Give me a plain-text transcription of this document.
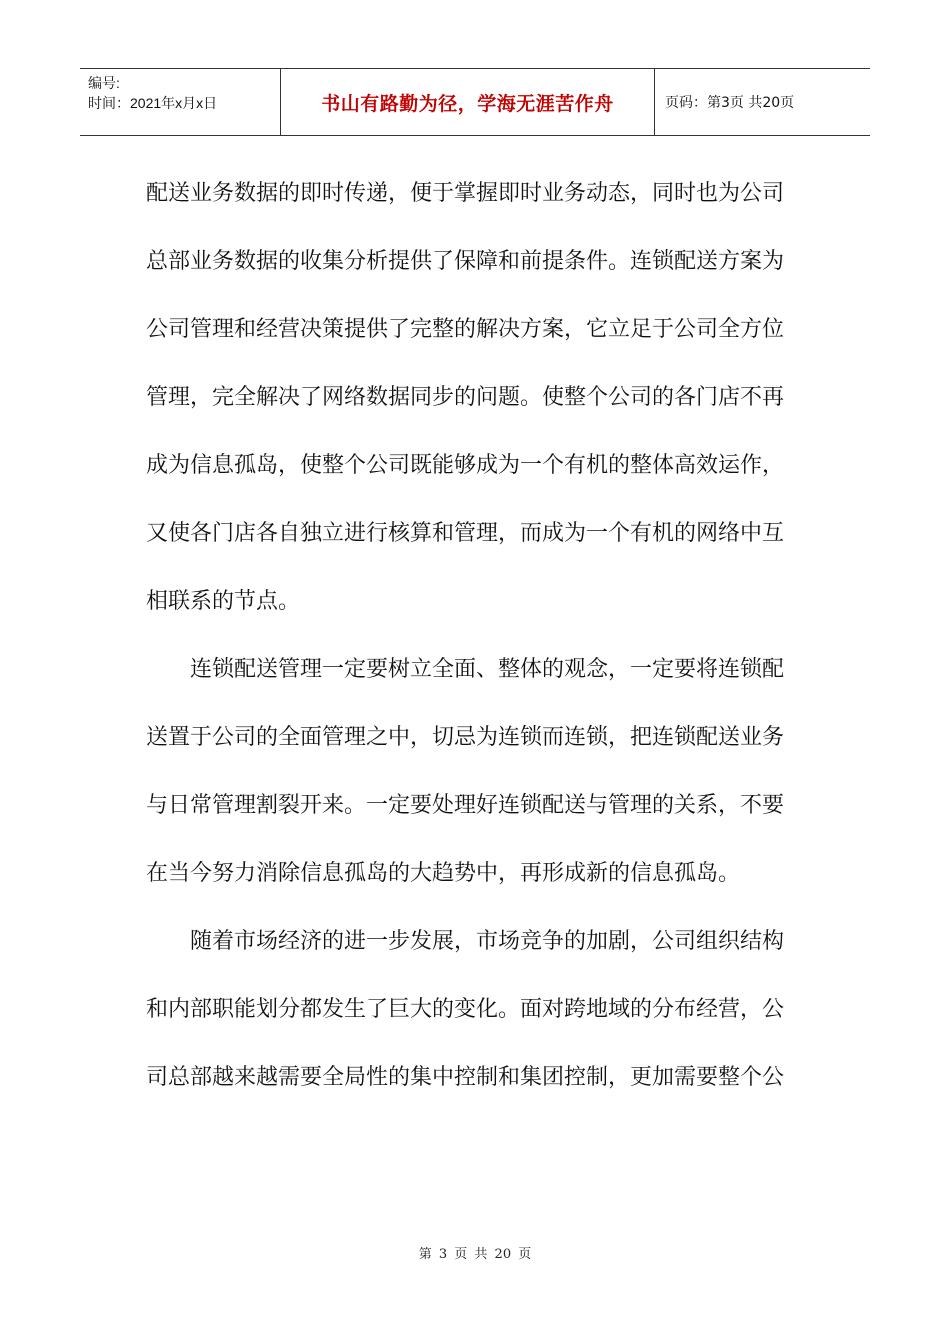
编号:
时间：2021年x月x日	书山有路勤为径，学海无涯苦作舟	页码：第3页 共20页
配送业务数据的即时传递，便于掌握即时业务动态，同时也为公司
总部业务数据的收集分析提供了保障和前提条件。连锁配送方案为
公司管理和经营决策提供了完整的解决方案，它立足于公司全方位
管理，完全解决了网络数据同步的问题。使整个公司的各门店不再
成为信息孤岛，使整个公司既能够成为一个有机的整体高效运作，
又使各门店各自独立进行核算和管理，而成为一个有机的网络中互
相联系的节点。
连锁配送管理一定要树立全面、整体的观念，一定要将连锁配
送置于公司的全面管理之中，切忌为连锁而连锁，把连锁配送业务
与日常管理割裂开来。一定要处理好连锁配送与管理的关系，不要
在当今努力消除信息孤岛的大趋势中，再形成新的信息孤岛。
随着市场经济的进一步发展，市场竞争的加剧，公司组织结构
和内部职能划分都发生了巨大的变化。面对跨地域的分布经营，公
司总部越来越需要全局性的集中控制和集团控制，更加需要整个公
第 3 页 共 20 页
